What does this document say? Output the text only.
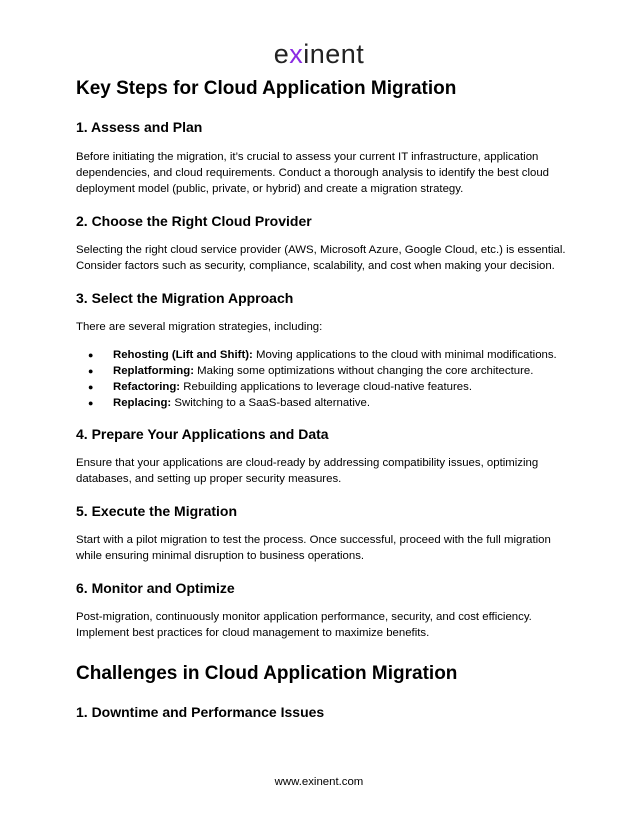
exinent
Key Steps for Cloud Application Migration
1. Assess and Plan

Before initiating the migration, it’s crucial to assess your current IT infrastructure, application dependencies, and cloud requirements. Conduct a thorough analysis to identify the best cloud deployment model (public, private, or hybrid) and create a migration strategy.

2. Choose the Right Cloud Provider

Selecting the right cloud service provider (AWS, Microsoft Azure, Google Cloud, etc.) is essential. Consider factors such as security, compliance, scalability, and cost when making your decision.

3. Select the Migration Approach

There are several migration strategies, including:

● Rehosting (Lift and Shift): Moving applications to the cloud with minimal modifications.
● Replatforming: Making some optimizations without changing the core architecture.
● Refactoring: Rebuilding applications to leverage cloud-native features.
● Replacing: Switching to a SaaS-based alternative.
4. Prepare Your Applications and Data

Ensure that your applications are cloud-ready by addressing compatibility issues, optimizing databases, and setting up proper security measures.

5. Execute the Migration

Start with a pilot migration to test the process. Once successful, proceed with the full migration while ensuring minimal disruption to business operations.

6. Monitor and Optimize

Post-migration, continuously monitor application performance, security, and cost efficiency. Implement best practices for cloud management to maximize benefits.

Challenges in Cloud Application Migration
1. Downtime and Performance Issues
www.exinent.com
